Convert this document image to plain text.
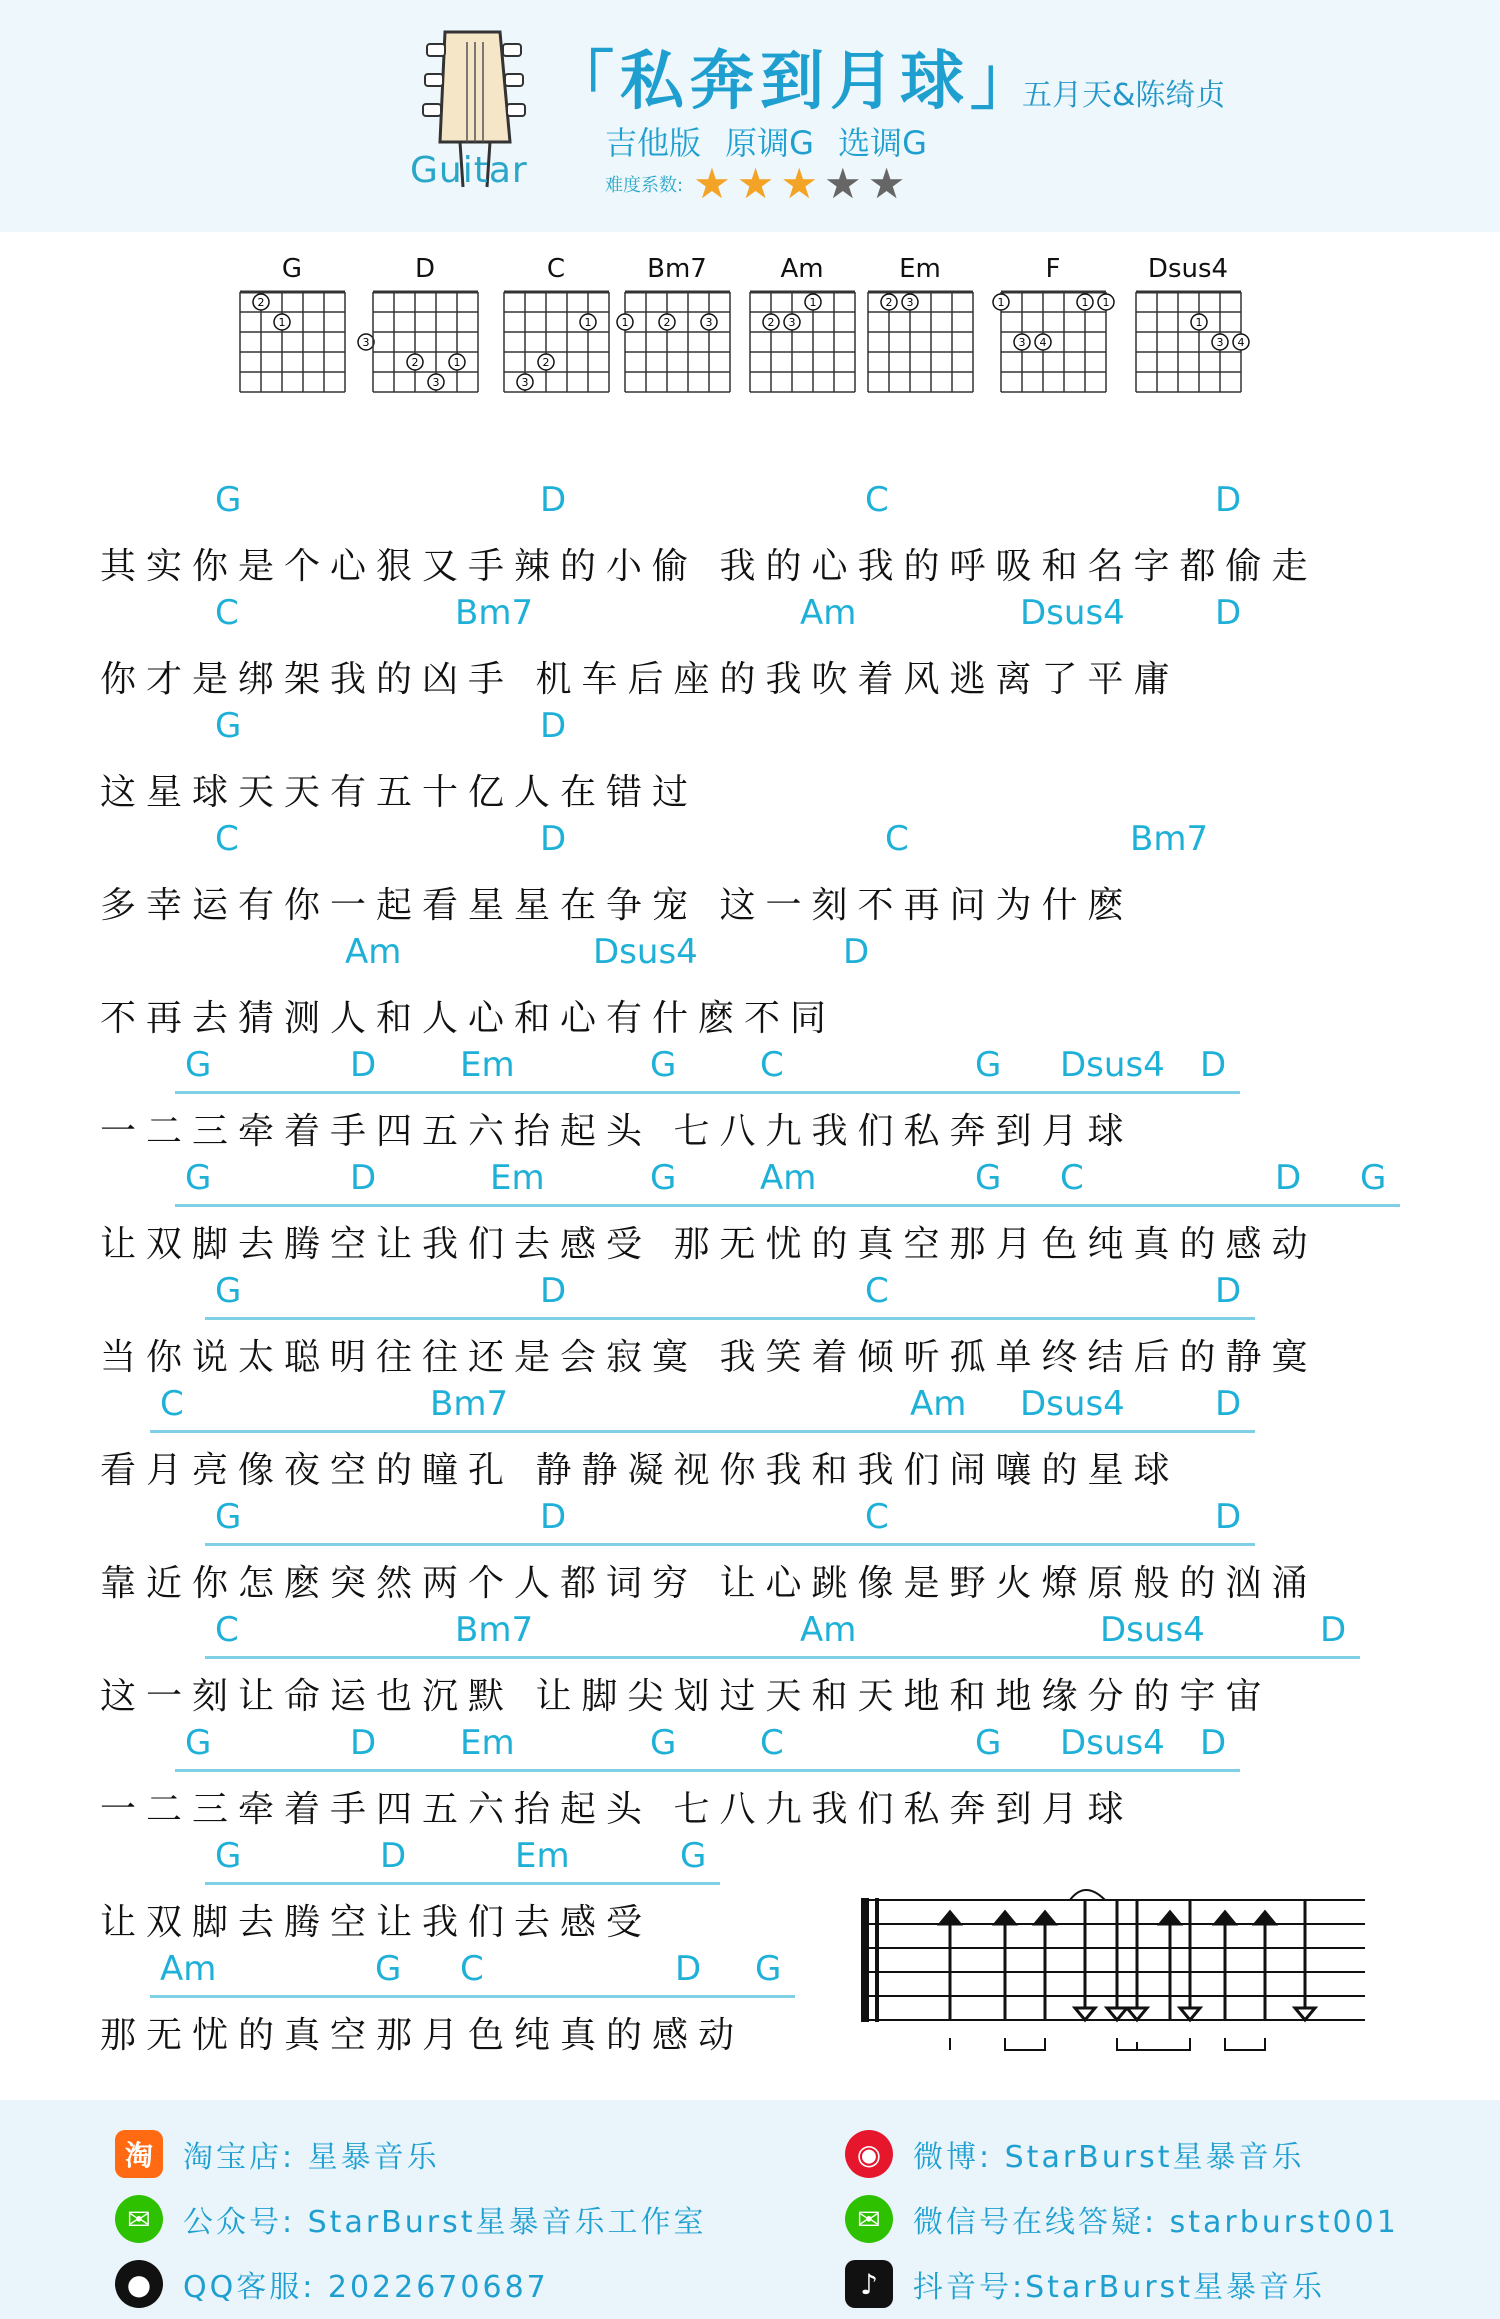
Guitar
「私奔到月球」
五月天&陈绮贞
吉他版 原调G 选调G
难度系数: ★ ★ ★ ★ ★
G
1
2
3
D
2
3
1
C
3
2
1
Bm7
1	2	3
Am
2 3
1
Em
2 3
F
1	1 1
3 4
Dsus4
1
3 4
G	D	C	D
其实你是个心狠又手辣的小偷 我的心我的呼吸和名字都偷走
C	Bm7	Am	Dsus4	D
你才是绑架我的凶手 机车后座的我吹着风逃离了平庸
G	D
这星球天天有五十亿人在错过
C	D	C	Bm7
多幸运有你一起看星星在争宠 这一刻不再问为什麽
Am	Dsus4	D
不再去猜测人和人心和心有什麽不同
G	D Em	G C	G Dsus4 D
一二三牵着手四五六抬起头 七八九我们私奔到月球
G	D	Em	G Am	G C	D G
让双脚去腾空让我们去感受 那无忧的真空那月色纯真的感动
G	D	C	D
当你说太聪明往往还是会寂寞 我笑着倾听孤单终结后的静寞
C	Bm7	Am Dsus4	D
看月亮像夜空的瞳孔 静静凝视你我和我们闹嚷的星球
G	D	C	D
靠近你怎麽突然两个人都词穷 让心跳像是野火燎原般的汹涌
C	Bm7	Am	Dsus4	D
这一刻让命运也沉默 让脚尖划过天和天地和地缘分的宇宙
G	D Em	G C	G Dsus4 D
一二三牵着手四五六抬起头 七八九我们私奔到月球
G	D	Em	G
让双脚去腾空让我们去感受
Am	G C	D G
那无忧的真空那月色纯真的感动
淘	淘宝店: 星暴音乐	◉	微博: StarBurst星暴音乐
✉	公众号: StarBurst星暴音乐工作室	✉	微信号在线答疑: starburst001
●	QQ客服: 2022670687	♪	抖音号:StarBurst星暴音乐
